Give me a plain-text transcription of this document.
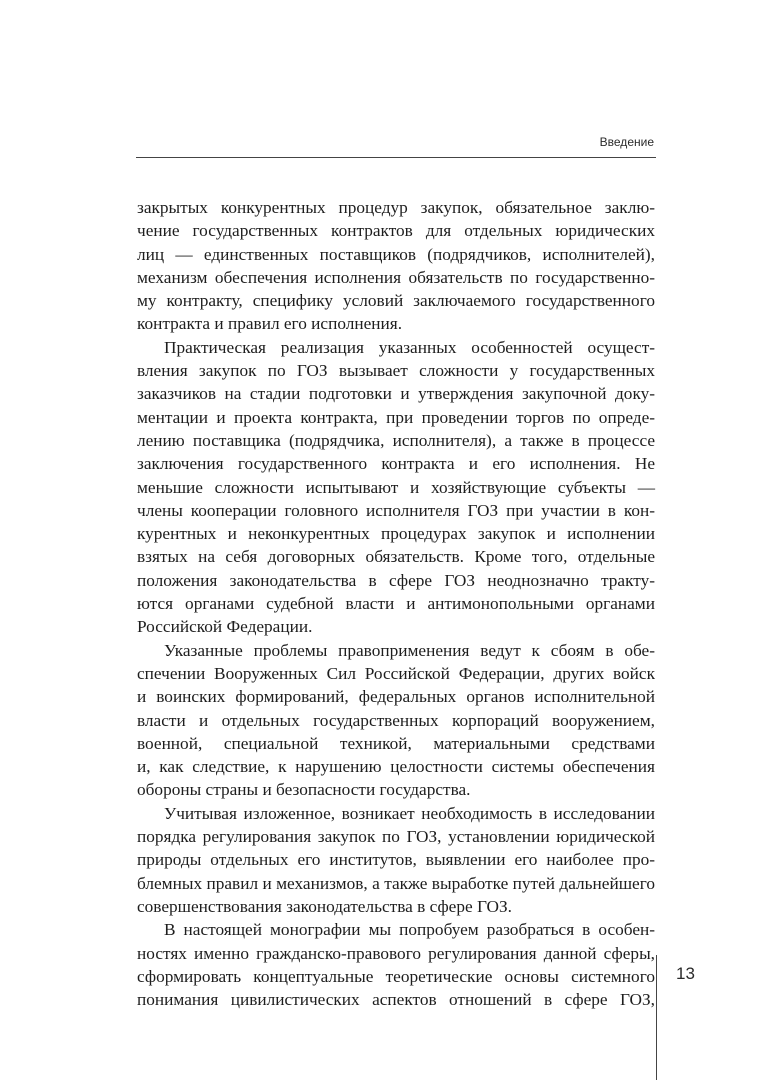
Введение

закрытых конкурентных процедур закупок, обязательное заклю-
чение государственных контрактов для отдельных юридических
лиц — единственных поставщиков (подрядчиков, исполнителей),
механизм обеспечения исполнения обязательств по государственно-
му контракту, специфику условий заключаемого государственного
контракта и правил его исполнения.

Практическая реализация указанных особенностей осущест-
вления закупок по ГОЗ вызывает сложности у государственных
заказчиков на стадии подготовки и утверждения закупочной доку-
ментации и проекта контракта, при проведении торгов по опреде-
лению поставщика (подрядчика, исполнителя), а также в процессе
заключения государственного контракта и его исполнения. Не
меньшие сложности испытывают и хозяйствующие субъекты —
члены кооперации головного исполнителя ГОЗ при участии в кон-
курентных и неконкурентных процедурах закупок и исполнении
взятых на себя договорных обязательств. Кроме того, отдельные
положения законодательства в сфере ГОЗ неоднозначно тракту-
ются органами судебной власти и антимонопольными органами
Российской Федерации.

Указанные проблемы правоприменения ведут к сбоям в обе-
спечении Вооруженных Сил Российской Федерации, других войск
и воинских формирований, федеральных органов исполнительной
власти и отдельных государственных корпораций вооружением,
военной, специальной техникой, материальными средствами
и, как следствие, к нарушению целостности системы обеспечения
обороны страны и безопасности государства.

Учитывая изложенное, возникает необходимость в исследовании
порядка регулирования закупок по ГОЗ, установлении юридической
природы отдельных его институтов, выявлении его наиболее про-
блемных правил и механизмов, а также выработке путей дальнейшего
совершенствования законодательства в сфере ГОЗ.

В настоящей монографии мы попробуем разобраться в особен-
ностях именно гражданско-правового регулирования данной сферы,
сформировать концептуальные теоретические основы системного
понимания цивилистических аспектов отношений в сфере ГОЗ,

13
